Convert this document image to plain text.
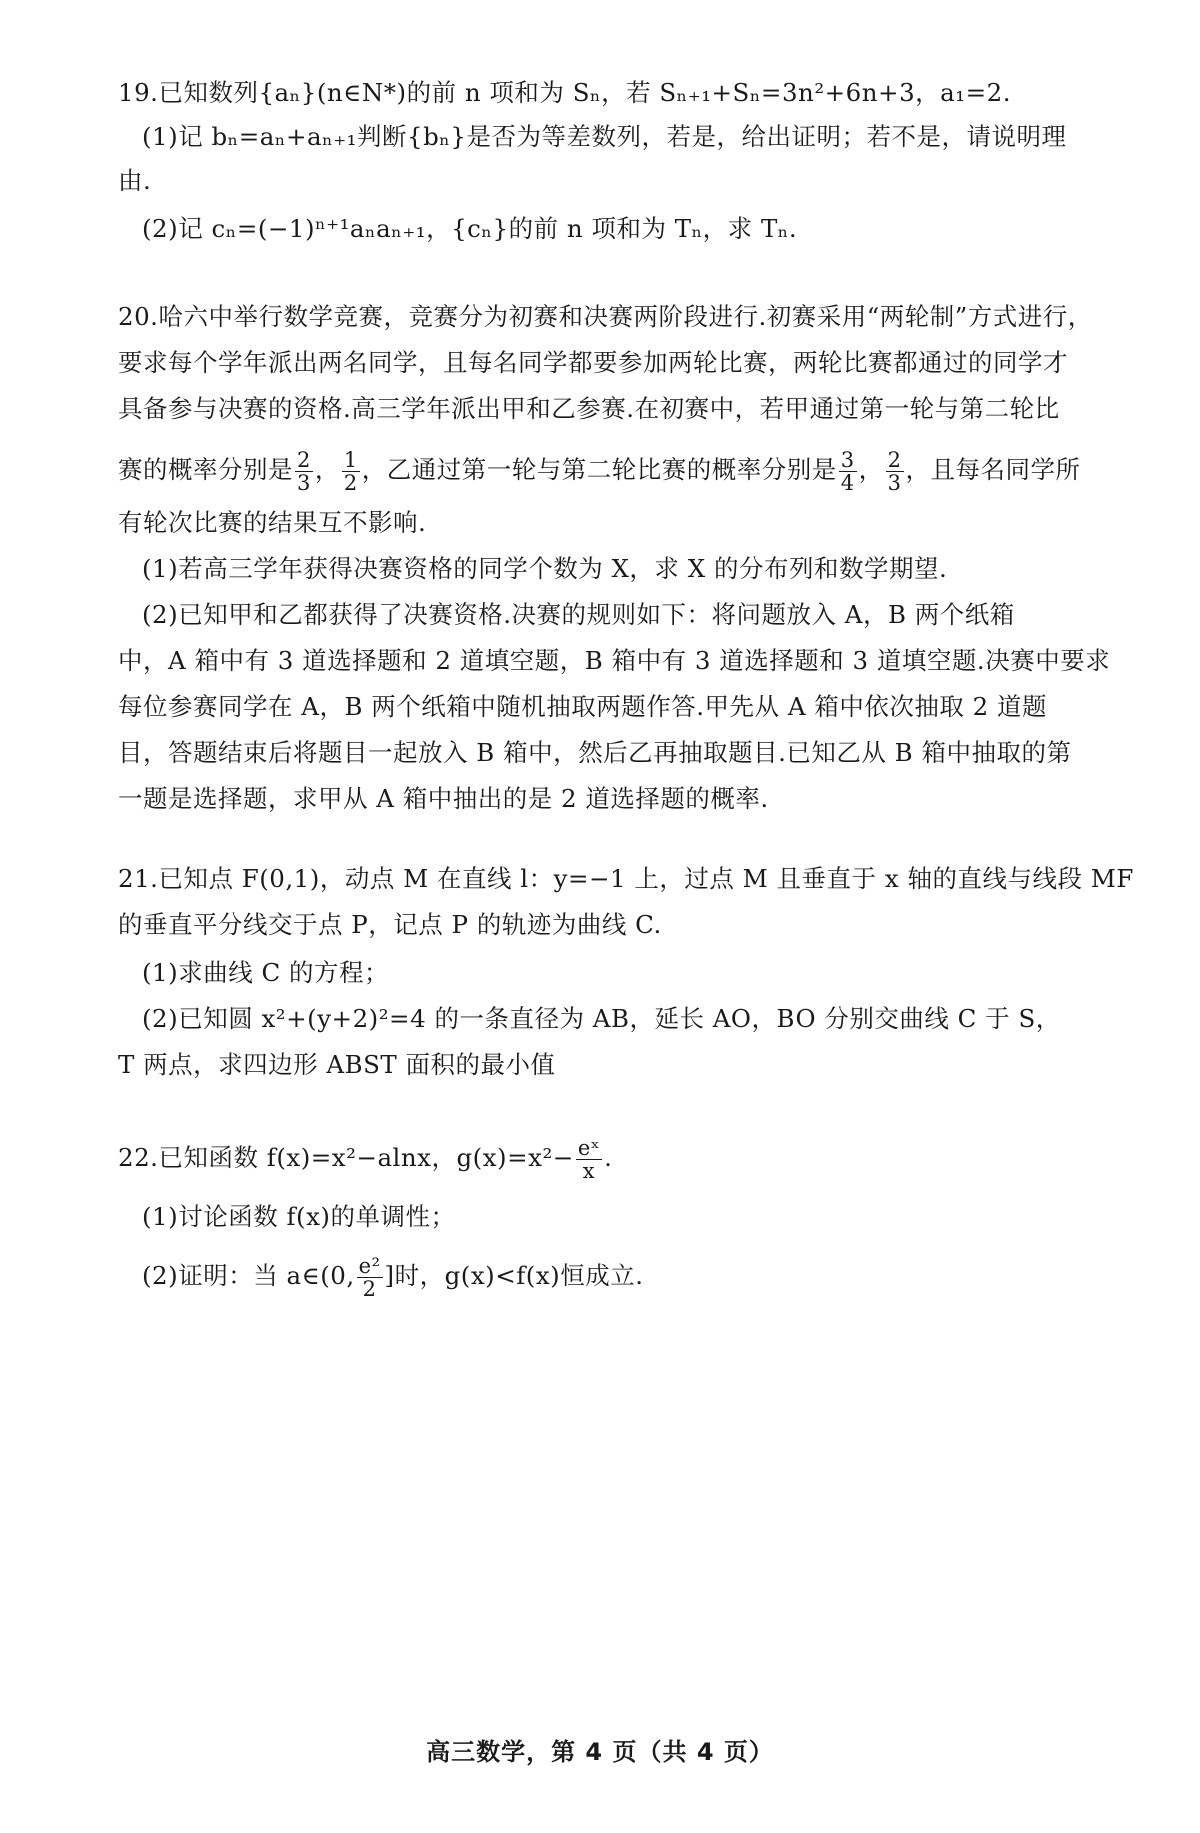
19.已知数列{aₙ}(n∈N*)的前 n 项和为 Sₙ，若 Sₙ₊₁+Sₙ=3n²+6n+3，a₁=2.
(1)记 bₙ=aₙ+aₙ₊₁判断{bₙ}是否为等差数列，若是，给出证明；若不是，请说明理
由.
(2)记 cₙ=(−1)ⁿ⁺¹aₙaₙ₊₁，{cₙ}的前 n 项和为 Tₙ，求 Tₙ.
20.哈六中举行数学竞赛，竞赛分为初赛和决赛两阶段进行.初赛采用“两轮制”方式进行，
要求每个学年派出两名同学，且每名同学都要参加两轮比赛，两轮比赛都通过的同学才
具备参与决赛的资格.高三学年派出甲和乙参赛.在初赛中，若甲通过第一轮与第二轮比
赛的概率分别是 $\frac{2}{3}$ ， $\frac{1}{2}$ ，乙通过第一轮与第二轮比赛的概率分别是 $\frac{3}{4}$ ， $\frac{2}{3}$ ，且每名同学所
有轮次比赛的结果互不影响.
(1)若高三学年获得决赛资格的同学个数为 X，求 X 的分布列和数学期望.
(2)已知甲和乙都获得了决赛资格.决赛的规则如下：将问题放入 A，B 两个纸箱
中，A 箱中有 3 道选择题和 2 道填空题，B 箱中有 3 道选择题和 3 道填空题.决赛中要求
每位参赛同学在 A，B 两个纸箱中随机抽取两题作答.甲先从 A 箱中依次抽取 2 道题
目，答题结束后将题目一起放入 B 箱中，然后乙再抽取题目.已知乙从 B 箱中抽取的第
一题是选择题，求甲从 A 箱中抽出的是 2 道选择题的概率.
21.已知点 F(0,1)，动点 M 在直线 l：y=−1 上，过点 M 且垂直于 x 轴的直线与线段 MF
的垂直平分线交于点 P，记点 P 的轨迹为曲线 C.
(1)求曲线 C 的方程；
(2)已知圆 x²+(y+2)²=4 的一条直径为 AB，延长 AO，BO 分别交曲线 C 于 S，
T 两点，求四边形 ABST 面积的最小值
22.已知函数 f(x)=x²−alnx，$g(x)=x^2- \frac{\text{eˣ}}{x}$ .
(1)讨论函数 f(x)的单调性；
(2)证明：当 a∈(0, $\frac{\text{e²}}{2}$ ]时，g(x)<f(x)恒成立.
高三数学，第 4 页（共 4 页）
